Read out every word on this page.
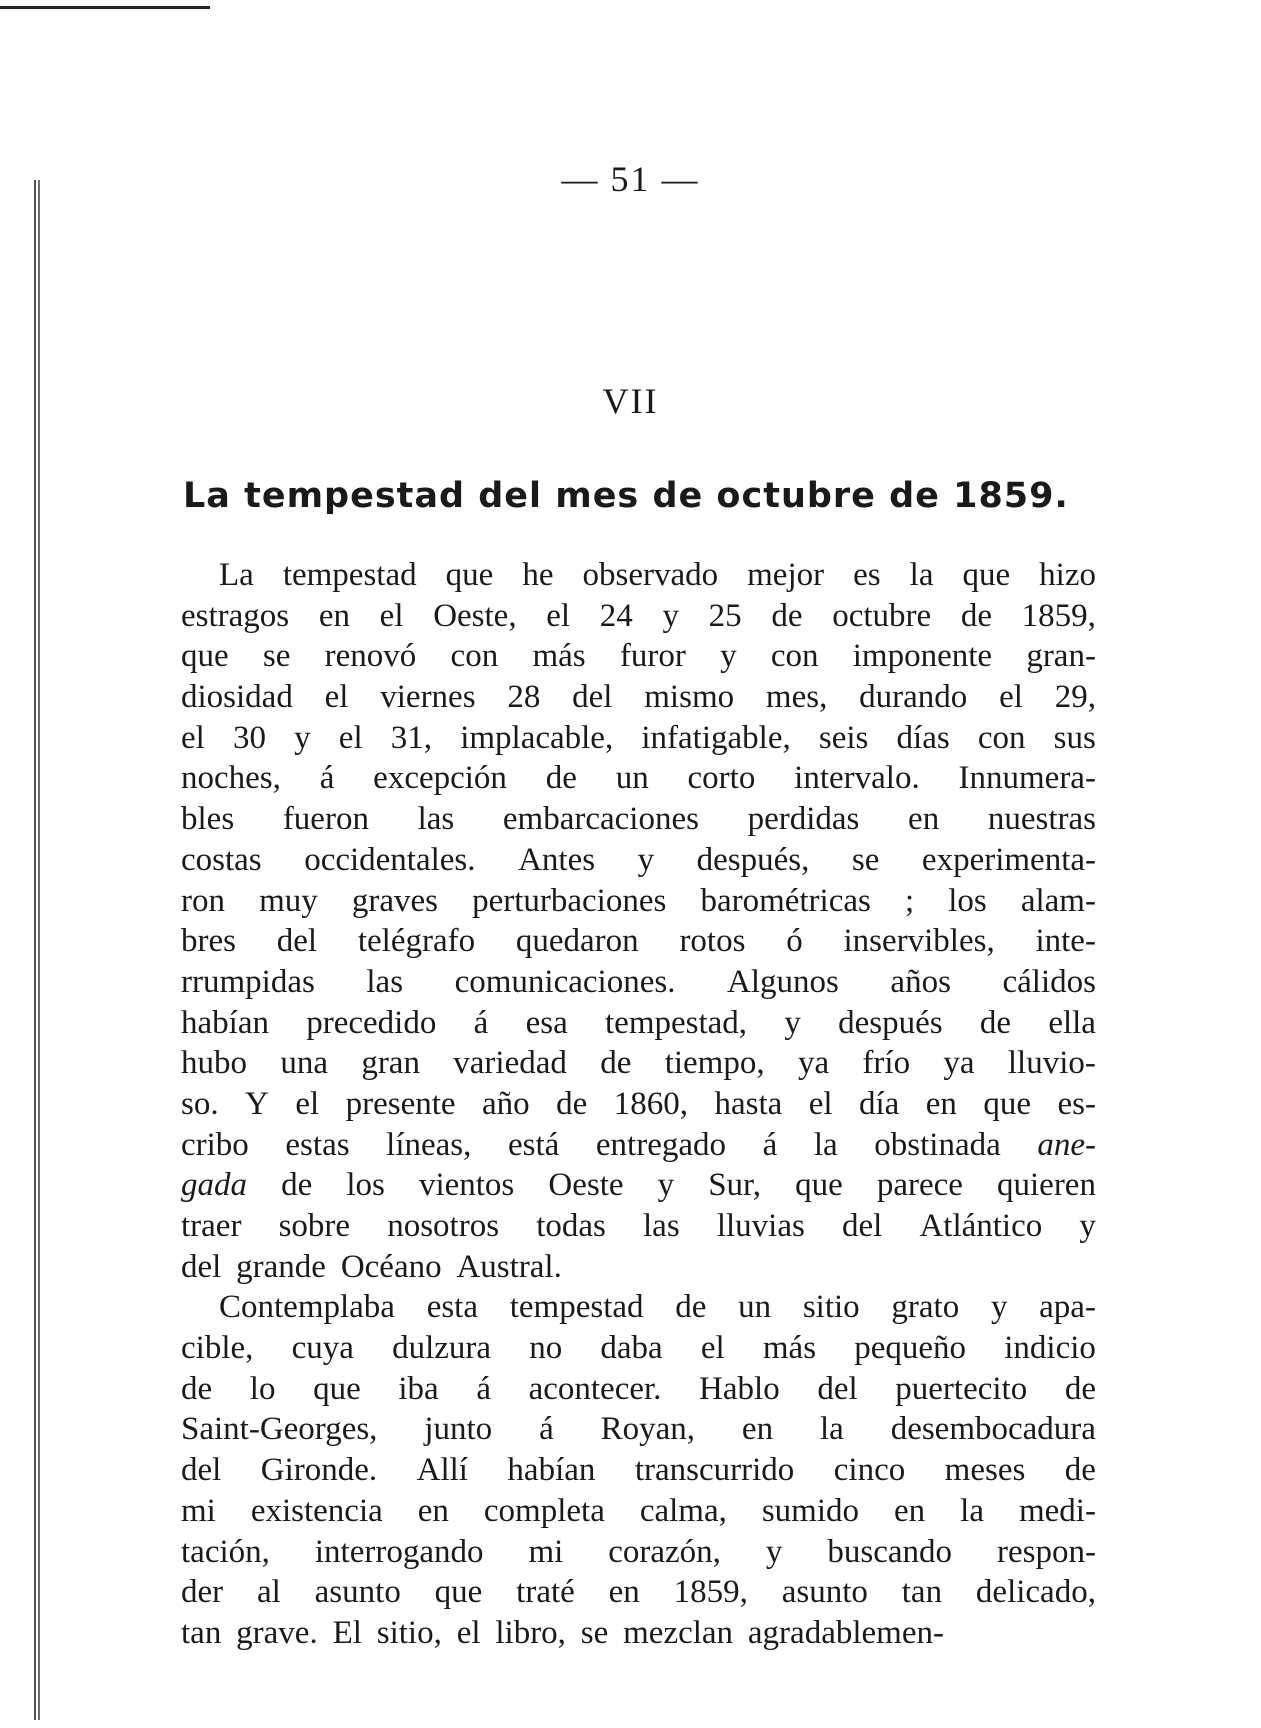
— 51 —
VII
La tempestad del mes de octubre de 1859.
La tempestad que he observado mejor es la que hizo
estragos en el Oeste, el 24 y 25 de octubre de 1859,
que se renovó con más furor y con imponente gran-
diosidad el viernes 28 del mismo mes, durando el 29,
el 30 y el 31, implacable, infatigable, seis días con sus
noches, á excepción de un corto intervalo. Innumera-
bles fueron las embarcaciones perdidas en nuestras
costas occidentales. Antes y después, se experimenta-
ron muy graves perturbaciones barométricas ; los alam-
bres del telégrafo quedaron rotos ó inservibles, inte-
rrumpidas las comunicaciones. Algunos años cálidos
habían precedido á esa tempestad, y después de ella
hubo una gran variedad de tiempo, ya frío ya lluvio-
so. Y el presente año de 1860, hasta el día en que es-
cribo estas líneas, está entregado á la obstinada ane-
gada de los vientos Oeste y Sur, que parece quieren
traer sobre nosotros todas las lluvias del Atlántico y
del grande Océano Austral.
Contemplaba esta tempestad de un sitio grato y apa-
cible, cuya dulzura no daba el más pequeño indicio
de lo que iba á acontecer. Hablo del puertecito de
Saint-Georges, junto á Royan, en la desembocadura
del Gironde. Allí habían transcurrido cinco meses de
mi existencia en completa calma, sumido en la medi-
tación, interrogando mi corazón, y buscando respon-
der al asunto que traté en 1859, asunto tan delicado,
tan grave. El sitio, el libro, se mezclan agradablemen-
